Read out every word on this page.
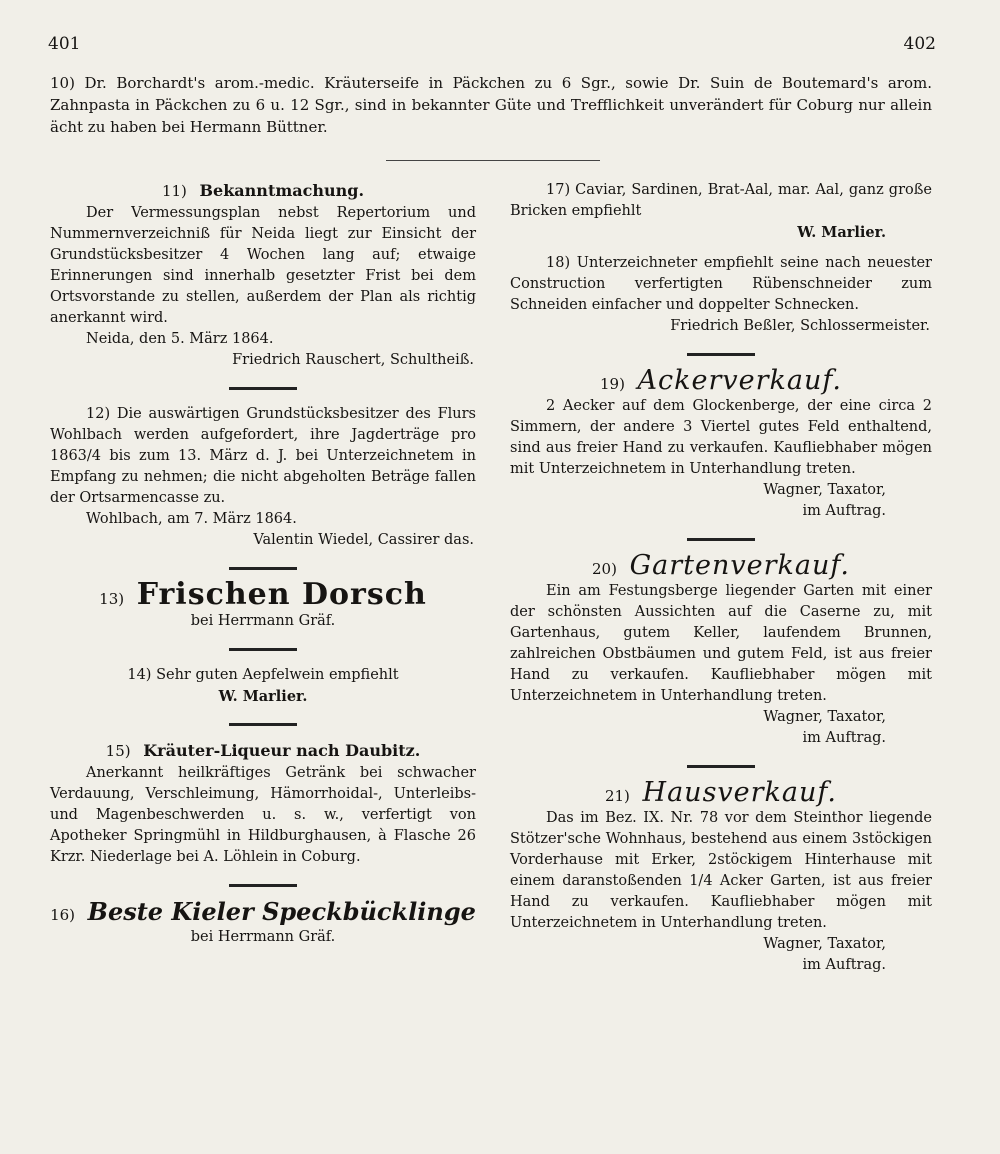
401	402

10) Dr. Borchardt's arom.-medic. Kräuterseife in Päckchen zu 6 Sgr., sowie Dr. Suin de Boutemard's arom. Zahnpasta in Päckchen zu 6 u. 12 Sgr., sind in bekannter Güte und Trefflichkeit unverändert für Coburg nur allein ächt zu haben bei Hermann Büttner.

11) Bekanntmachung.

Der Vermessungsplan nebst Repertorium und Nummernverzeichniß für Neida liegt zur Einsicht der Grundstücksbesitzer 4 Wochen lang auf; etwaige Erinnerungen sind innerhalb gesetzter Frist bei dem Ortsvorstande zu stellen, außerdem der Plan als richtig anerkannt wird.

Neida, den 5. März 1864.

Friedrich Rauschert, Schultheiß.

12) Die auswärtigen Grundstücksbesitzer des Flurs Wohlbach werden aufgefordert, ihre Jagderträge pro 1863/4 bis zum 13. März d. J. bei Unterzeichnetem in Empfang zu nehmen; die nicht abgeholten Beträge fallen der Ortsarmencasse zu.

Wohlbach, am 7. März 1864.

Valentin Wiedel, Cassirer das.

13) Frischen Dorsch

bei Herrmann Gräf.

14) Sehr guten Aepfelwein empfiehlt

W. Marlier.

15) Kräuter-Liqueur nach Daubitz.

Anerkannt heilkräftiges Getränk bei schwacher Verdauung, Verschleimung, Hämorrhoidal-, Unterleibs- und Magenbeschwerden u. s. w., verfertigt von Apotheker Springmühl in Hildburghausen, à Flasche 26 Krzr. Niederlage bei A. Löhlein in Coburg.

16) Beste Kieler Speckbücklinge

bei Herrmann Gräf.

17) Caviar, Sardinen, Brat-Aal, mar. Aal, ganz große Bricken empfiehlt

W. Marlier.

18) Unterzeichneter empfiehlt seine nach neuester Construction verfertigten Rübenschneider zum Schneiden einfacher und doppelter Schnecken.

Friedrich Beßler, Schlossermeister.

19) Ackerverkauf.

2 Aecker auf dem Glockenberge, der eine circa 2 Simmern, der andere 3 Viertel gutes Feld enthaltend, sind aus freier Hand zu verkaufen. Kaufliebhaber mögen mit Unterzeichnetem in Unterhandlung treten.

Wagner, Taxator,

im Auftrag.

20) Gartenverkauf.

Ein am Festungsberge liegender Garten mit einer der schönsten Aussichten auf die Caserne zu, mit Gartenhaus, gutem Keller, laufendem Brunnen, zahlreichen Obstbäumen und gutem Feld, ist aus freier Hand zu verkaufen. Kaufliebhaber mögen mit Unterzeichnetem in Unterhandlung treten.

Wagner, Taxator,

im Auftrag.

21) Hausverkauf.

Das im Bez. IX. Nr. 78 vor dem Steinthor liegende Stötzer'sche Wohnhaus, bestehend aus einem 3stöckigen Vorderhause mit Erker, 2stöckigem Hinterhause mit einem daranstoßenden 1/4 Acker Garten, ist aus freier Hand zu verkaufen. Kaufliebhaber mögen mit Unterzeichnetem in Unterhandlung treten.

Wagner, Taxator,

im Auftrag.
